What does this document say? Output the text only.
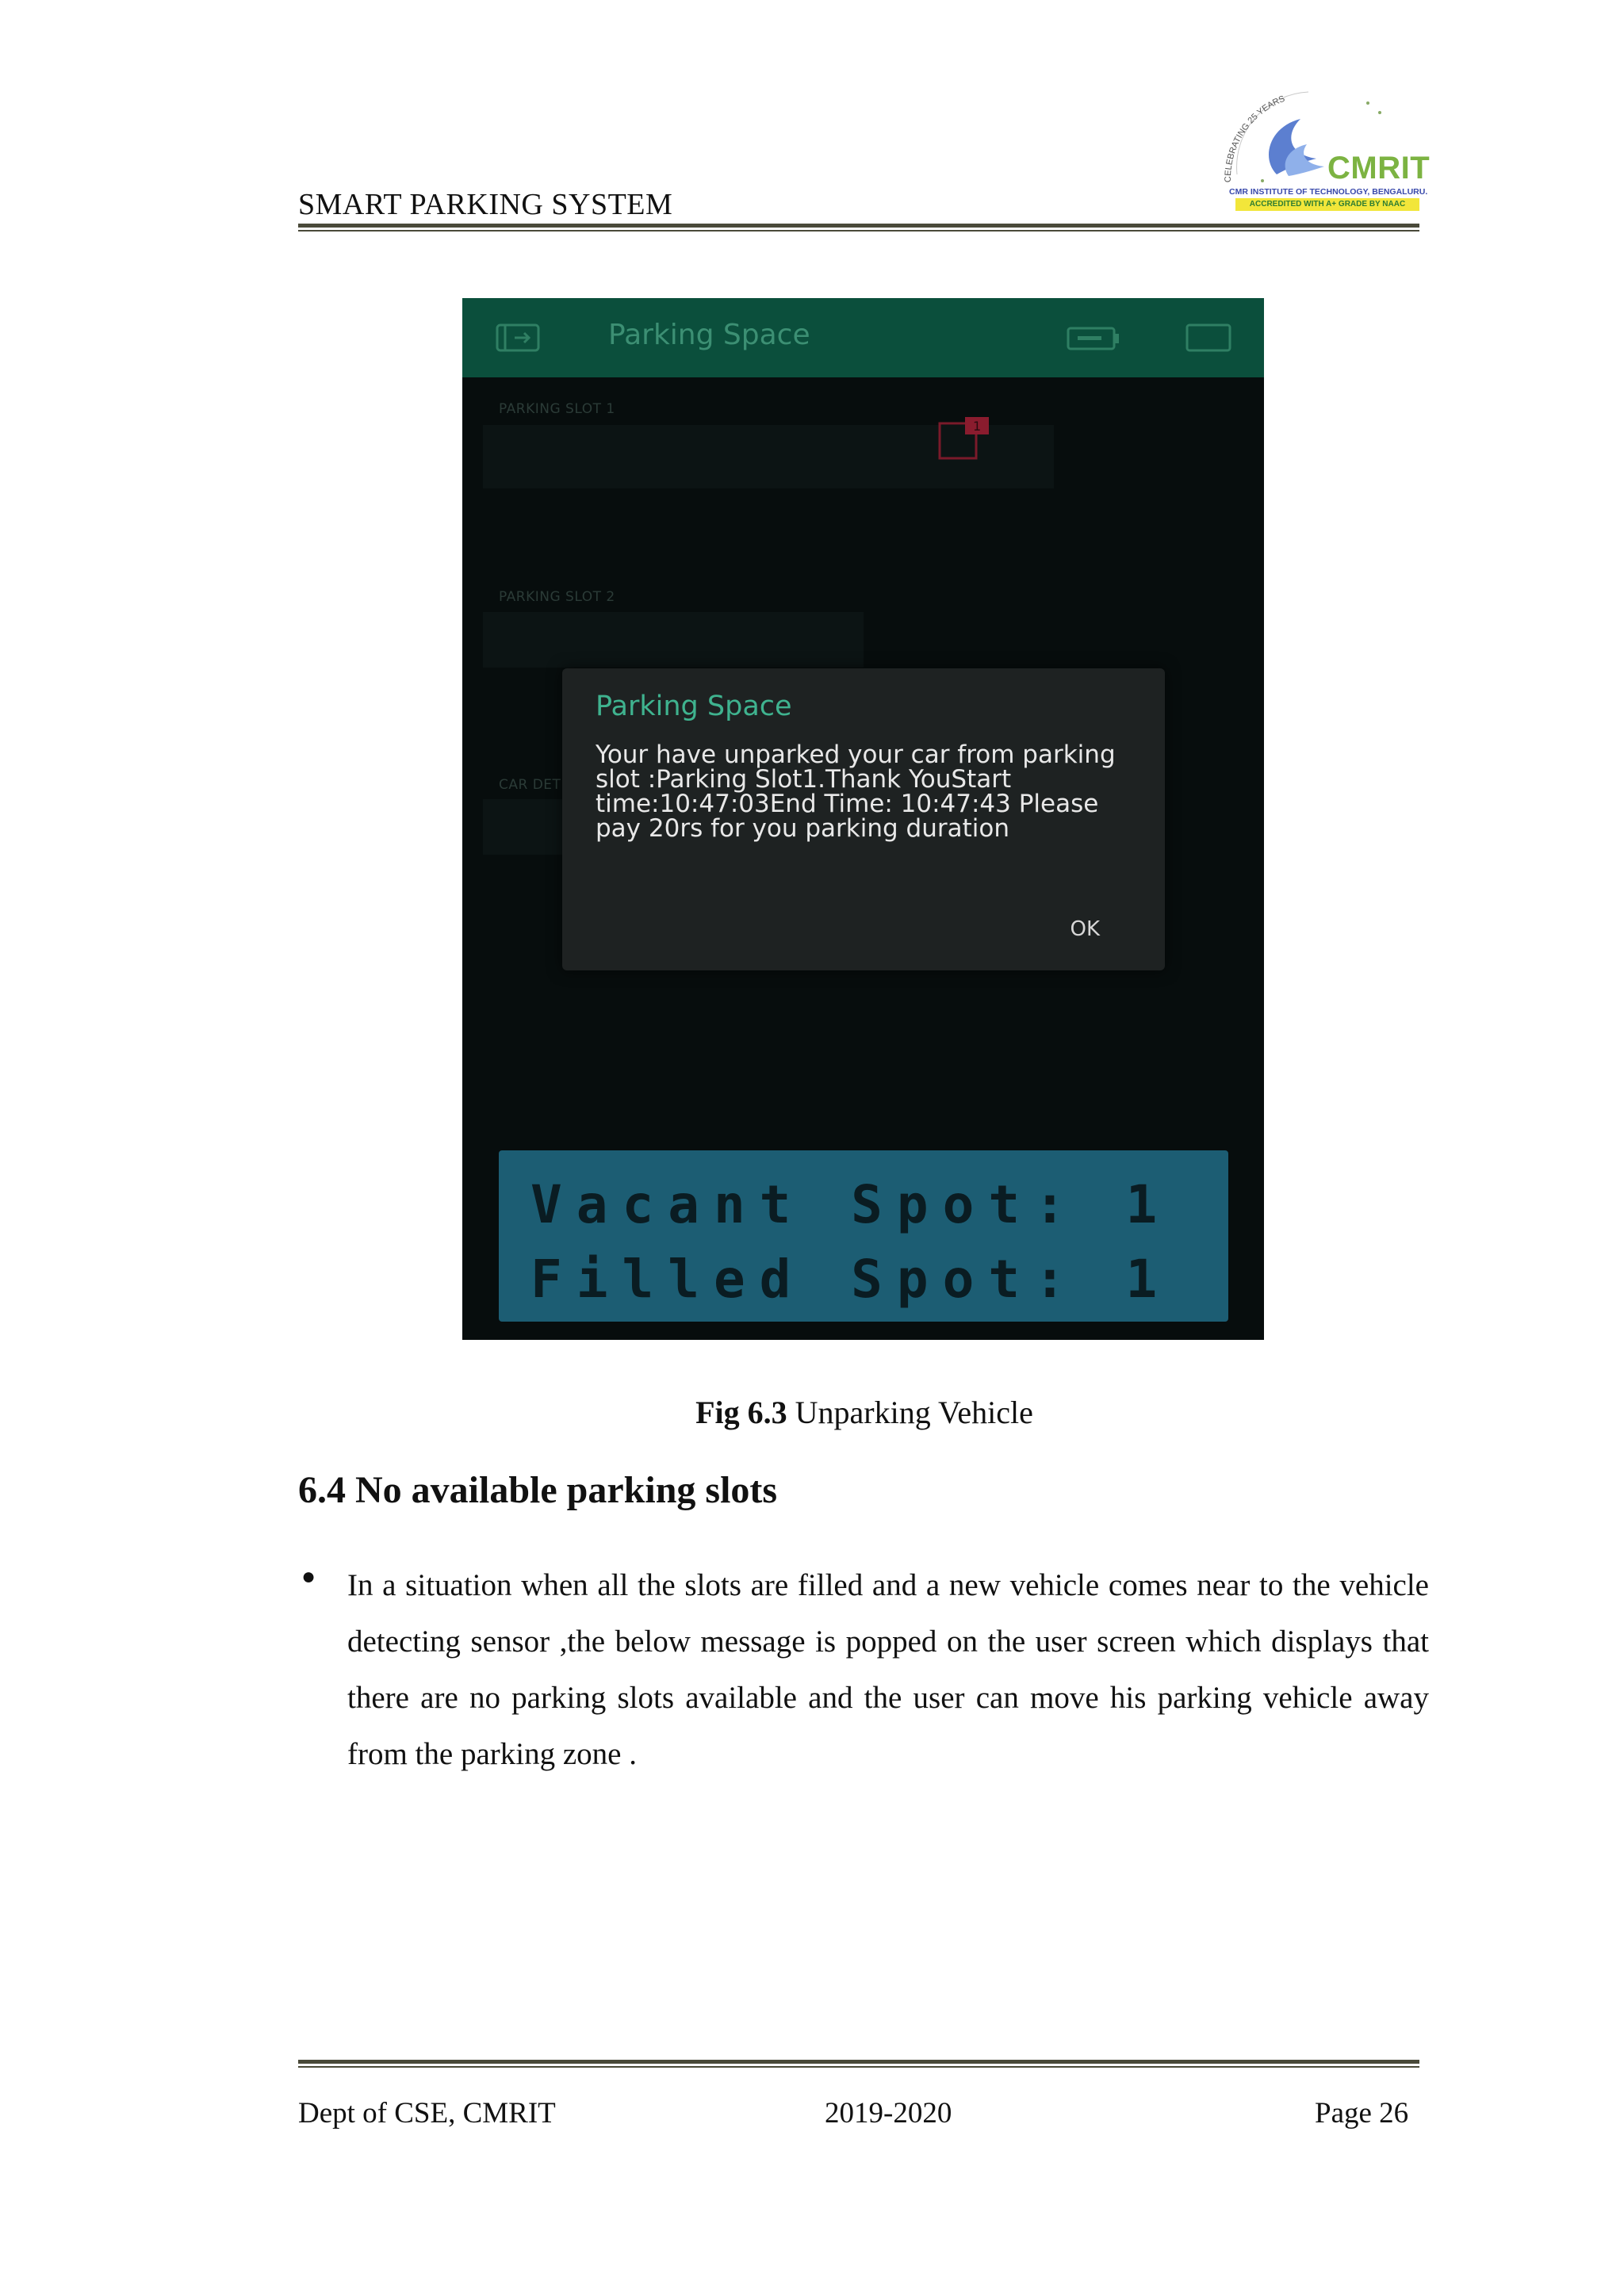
SMART PARKING SYSTEM
CELEBRATING 25 YEARS
CMRIT
CMR INSTITUTE OF TECHNOLOGY, BENGALURU.
ACCREDITED WITH A+ GRADE BY NAAC
Parking Space
PARKING SLOT 1
1
PARKING SLOT 2
CAR DET
Parking Space
Your have unparked your car from parking slot :Parking Slot1.Thank YouStart time:10:47:03End Time: 10:47:43 Please pay 20rs for you parking duration
OK
Vacant Spot: 1
Filled Spot: 1
Fig 6.3 Unparking Vehicle
6.4 No available parking slots
● In a situation when all the slots are filled and a new vehicle comes near to the vehicle detecting sensor ,the below message is popped on the user screen which displays that there are no parking slots available and the user can move his parking vehicle away from the parking zone .
Dept of CSE, CMRIT	2019-2020	Page 26
